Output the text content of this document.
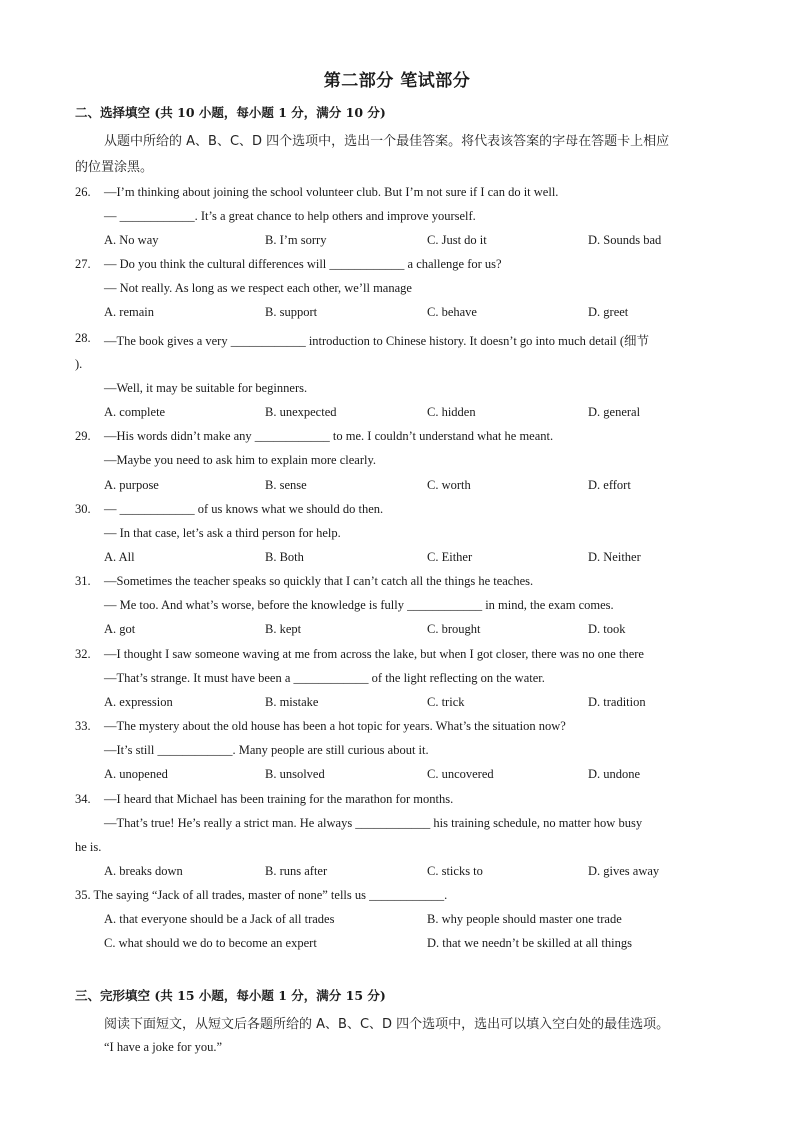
第二部分 笔试部分
二、选择填空 (共 10 小题，每小题 1 分，满分 10 分)
从题中所给的 A、B、C、D 四个选项中，选出一个最佳答案。将代表该答案的字母在答题卡上相应
的位置涂黑。
26. —I’m thinking about joining the school volunteer club. But I’m not sure if I can do it well.
— ____________. It’s a great chance to help others and improve yourself.
A. No way	B. I’m sorry	C. Just do it	D. Sounds bad
27. — Do you think the cultural differences will ____________ a challenge for us?
— Not really. As long as we respect each other, we’ll manage
A. remain	B. support	C. behave	D. greet
28. —The book gives a very ____________ introduction to Chinese history. It doesn’t go into much detail (细节
).
—Well, it may be suitable for beginners.
A. complete	B. unexpected	C. hidden	D. general
29. —His words didn’t make any ____________ to me. I couldn’t understand what he meant.
—Maybe you need to ask him to explain more clearly.
A. purpose	B. sense	C. worth	D. effort
30. — ____________ of us knows what we should do then.
— In that case, let’s ask a third person for help.
A. All	B. Both	C. Either	D. Neither
31. —Sometimes the teacher speaks so quickly that I can’t catch all the things he teaches.
— Me too. And what’s worse, before the knowledge is fully ____________ in mind, the exam comes.
A. got	B. kept	C. brought	D. took
32. —I thought I saw someone waving at me from across the lake, but when I got closer, there was no one there
—That’s strange. It must have been a ____________ of the light reflecting on the water.
A. expression	B. mistake	C. trick	D. tradition
33. —The mystery about the old house has been a hot topic for years. What’s the situation now?
—It’s still ____________. Many people are still curious about it.
A. unopened	B. unsolved	C. uncovered	D. undone
34. —I heard that Michael has been training for the marathon for months.
—That’s true! He’s really a strict man. He always ____________ his training schedule, no matter how busy
he is.
A. breaks down	B. runs after	C. sticks to	D. gives away
35. The saying “Jack of all trades, master of none” tells us ____________.
A. that everyone should be a Jack of all trades	B. why people should master one trade
C. what should we do to become an expert	D. that we needn’t be skilled at all things
三、完形填空 (共 15 小题，每小题 1 分，满分 15 分)
阅读下面短文，从短文后各题所给的 A、B、C、D 四个选项中，选出可以填入空白处的最佳选项。
“I have a joke for you.”
